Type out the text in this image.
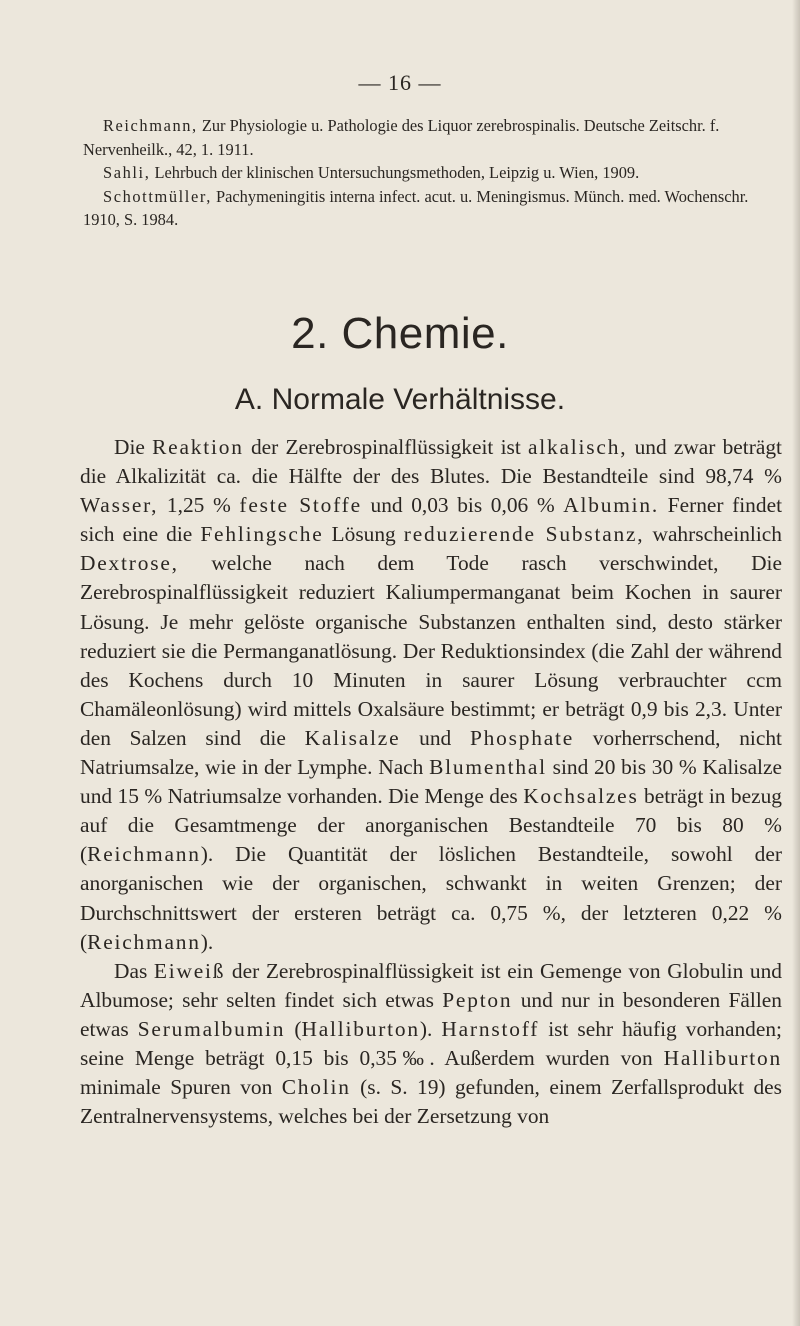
— 16 —

Reichmann, Zur Physiologie u. Pathologie des Liquor zerebrospinalis. Deutsche Zeitschr. f. Nervenheilk., 42, 1. 1911.

Sahli, Lehrbuch der klinischen Untersuchungsmethoden, Leipzig u. Wien, 1909.

Schottmüller, Pachymeningitis interna infect. acut. u. Meningismus. Münch. med. Wochenschr. 1910, S. 1984.

2. Chemie.
A. Normale Verhältnisse.

Die Reaktion der Zerebrospinalflüssigkeit ist alkalisch, und zwar beträgt die Alkalizität ca. die Hälfte der des Blutes. Die Bestandteile sind 98,74 % Wasser, 1,25 % feste Stoffe und 0,03 bis 0,06 % Albumin. Ferner findet sich eine die Fehlingsche Lösung reduzierende Substanz, wahrscheinlich Dextrose, welche nach dem Tode rasch verschwindet, Die Zerebrospinalflüssigkeit reduziert Kaliumpermanganat beim Kochen in saurer Lösung. Je mehr gelöste organische Substanzen enthalten sind, desto stärker reduziert sie die Permanganatlösung. Der Reduktionsindex (die Zahl der während des Kochens durch 10 Minuten in saurer Lösung verbrauchter ccm Chamäleonlösung) wird mittels Oxalsäure bestimmt; er beträgt 0,9 bis 2,3. Unter den Salzen sind die Kalisalze und Phosphate vorherrschend, nicht Natriumsalze, wie in der Lymphe. Nach Blumenthal sind 20 bis 30 % Kalisalze und 15 % Natriumsalze vorhanden. Die Menge des Kochsalzes beträgt in bezug auf die Gesamtmenge der anorganischen Bestandteile 70 bis 80 % (Reichmann). Die Quantität der löslichen Bestandteile, sowohl der anorganischen wie der organischen, schwankt in weiten Grenzen; der Durchschnittswert der ersteren beträgt ca. 0,75 %, der letzteren 0,22 % (Reichmann).

Das Eiweiß der Zerebrospinalflüssigkeit ist ein Gemenge von Globulin und Albumose; sehr selten findet sich etwas Pepton und nur in besonderen Fällen etwas Serumalbumin (Halliburton). Harnstoff ist sehr häufig vorhanden; seine Menge beträgt 0,15 bis 0,35‰. Außerdem wurden von Halliburton minimale Spuren von Cholin (s. S. 19) gefunden, einem Zerfallsprodukt des Zentralnervensystems, welches bei der Zersetzung von
